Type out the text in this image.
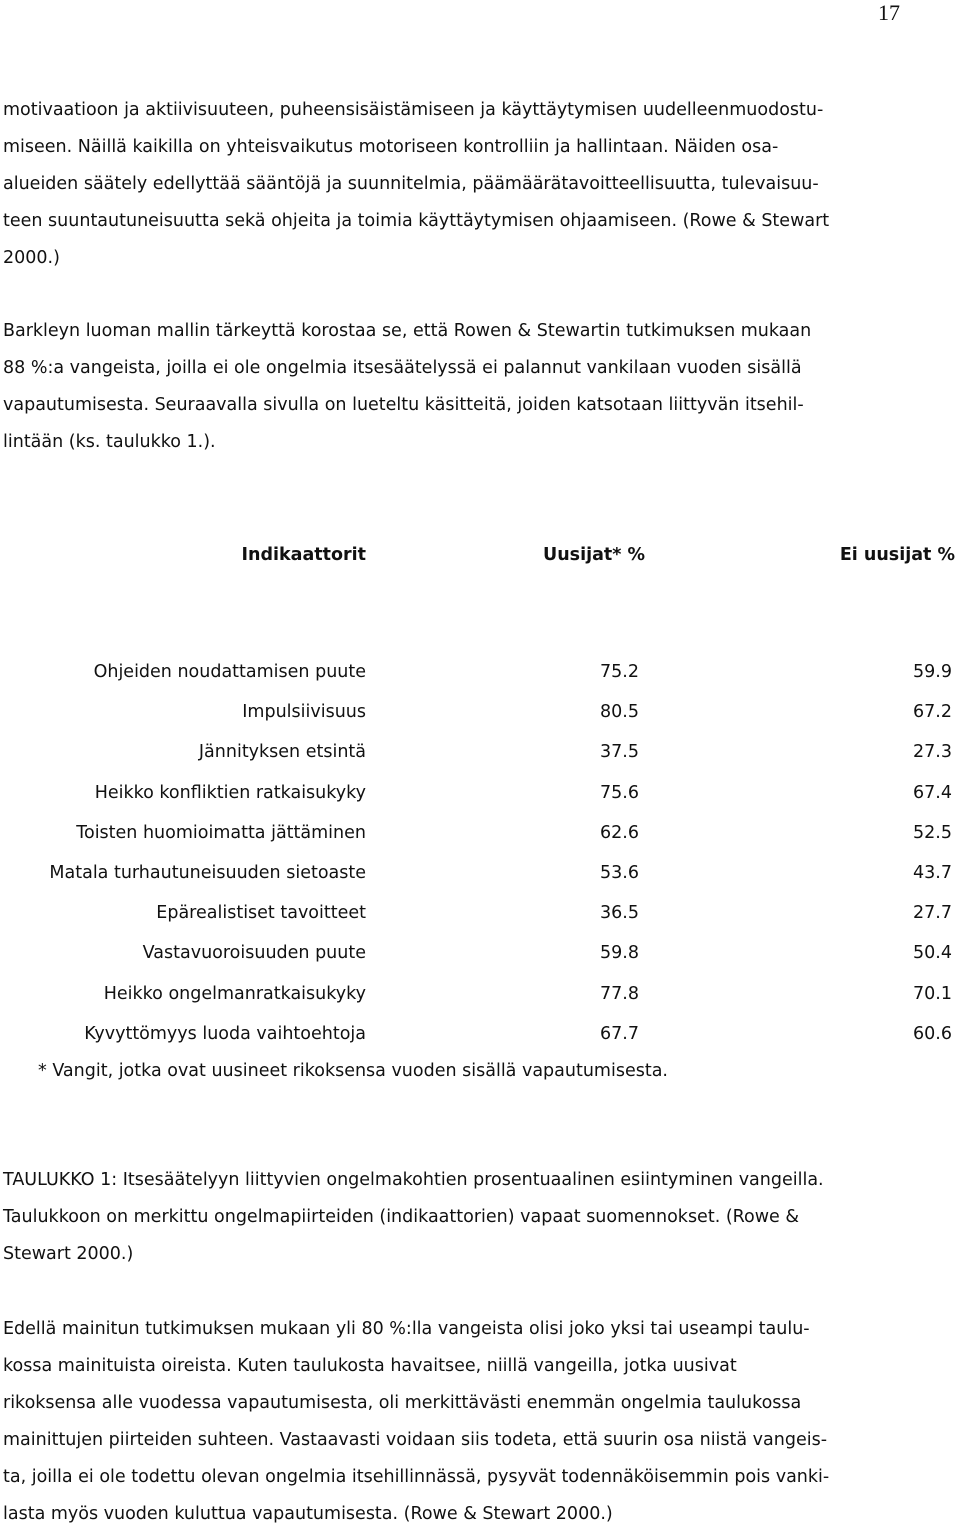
17
motivaatioon ja aktiivisuuteen, puheensisäistämiseen ja käyttäytymisen uudelleenmuodostu-
miseen. Näillä kaikilla on yhteisvaikutus motoriseen kontrolliin ja hallintaan. Näiden osa-
alueiden säätely edellyttää sääntöjä ja suunnitelmia, päämäärätavoitteellisuutta, tulevaisuu-
teen suuntautuneisuutta sekä ohjeita ja toimia käyttäytymisen ohjaamiseen. (Rowe & Stewart
2000.)
Barkleyn luoman mallin tärkeyttä korostaa se, että Rowen & Stewartin tutkimuksen mukaan
88 %:a vangeista, joilla ei ole ongelmia itsesäätelyssä ei palannut vankilaan vuoden sisällä
vapautumisesta. Seuraavalla sivulla on lueteltu käsitteitä, joiden katsotaan liittyvän itsehil-
lintään (ks. taulukko 1.).
Indikaattorit	Uusijat* %	Ei uusijat %
Ohjeiden noudattamisen puute	75.2	59.9
Impulsiivisuus	80.5	67.2
Jännityksen etsintä	37.5	27.3
Heikko konfliktien ratkaisukyky	75.6	67.4
Toisten huomioimatta jättäminen	62.6	52.5
Matala turhautuneisuuden sietoaste	53.6	43.7
Epärealistiset tavoitteet	36.5	27.7
Vastavuoroisuuden puute	59.8	50.4
Heikko ongelmanratkaisukyky	77.8	70.1
Kyvyttömyys luoda vaihtoehtoja	67.7	60.6
* Vangit, jotka ovat uusineet rikoksensa vuoden sisällä vapautumisesta.
TAULUKKO 1: Itsesäätelyyn liittyvien ongelmakohtien prosentuaalinen esiintyminen vangeilla.
Taulukkoon on merkittu ongelmapiirteiden (indikaattorien) vapaat suomennokset. (Rowe &
Stewart 2000.)
Edellä mainitun tutkimuksen mukaan yli 80 %:lla vangeista olisi joko yksi tai useampi taulu-
kossa mainituista oireista. Kuten taulukosta havaitsee, niillä vangeilla, jotka uusivat
rikoksensa alle vuodessa vapautumisesta, oli merkittävästi enemmän ongelmia taulukossa
mainittujen piirteiden suhteen. Vastaavasti voidaan siis todeta, että suurin osa niistä vangeis-
ta, joilla ei ole todettu olevan ongelmia itsehillinnässä, pysyvät todennäköisemmin pois vanki-
lasta myös vuoden kuluttua vapautumisesta. (Rowe & Stewart 2000.)
